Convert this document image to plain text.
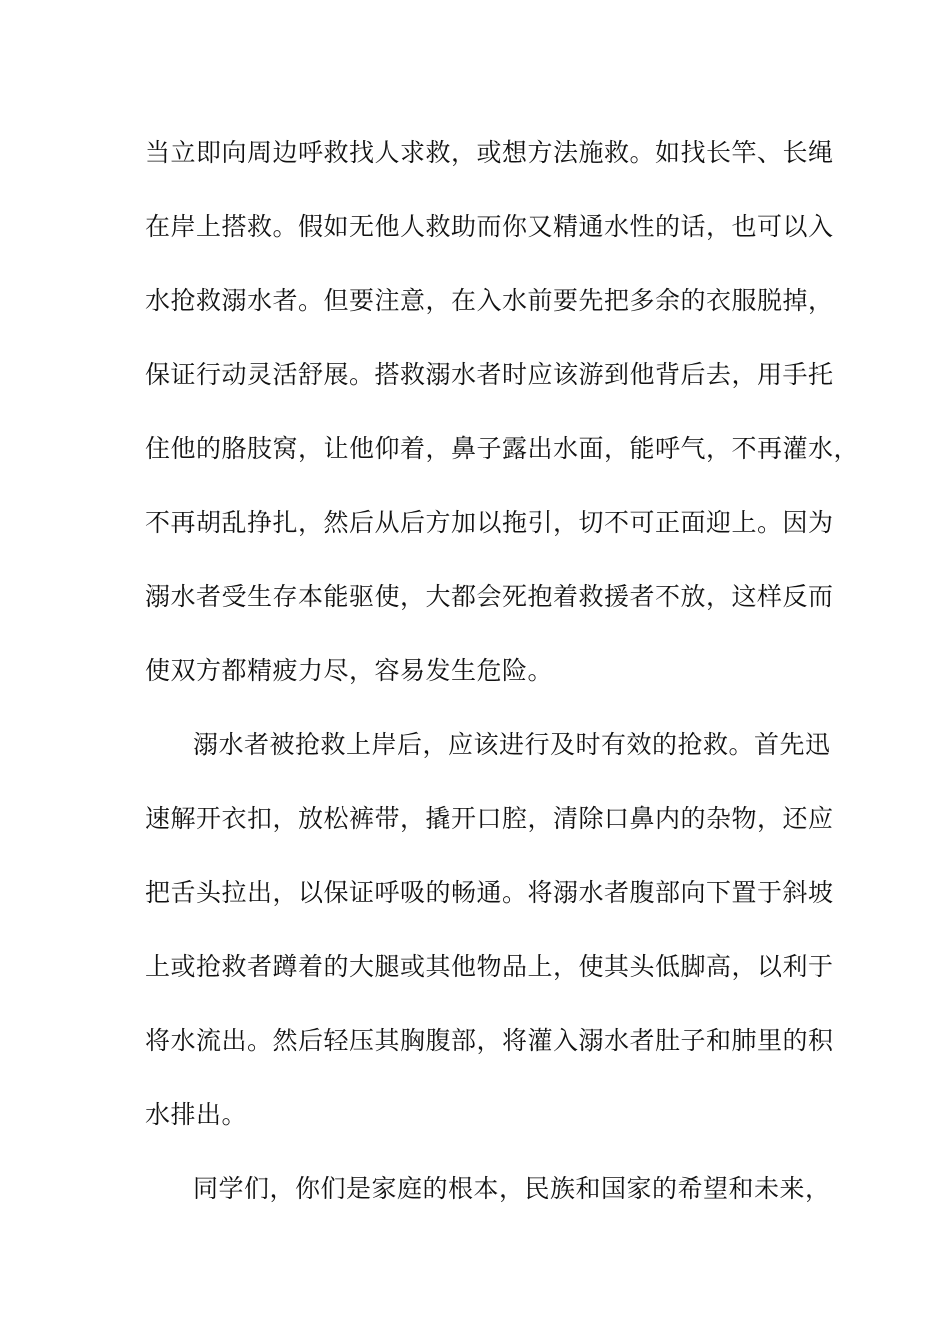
当立即向周边呼救找人求救，或想方法施救。如找长竿、长绳
在岸上搭救。假如无他人救助而你又精通水性的话，也可以入
水抢救溺水者。但要注意，在入水前要先把多余的衣服脱掉，
保证行动灵活舒展。搭救溺水者时应该游到他背后去，用手托
住他的胳肢窝，让他仰着，鼻子露出水面，能呼气，不再灌水，
不再胡乱挣扎，然后从后方加以拖引，切不可正面迎上。因为
溺水者受生存本能驱使，大都会死抱着救援者不放，这样反而
使双方都精疲力尽，容易发生危险。
溺水者被抢救上岸后，应该进行及时有效的抢救。首先迅
速解开衣扣，放松裤带，撬开口腔，清除口鼻内的杂物，还应
把舌头拉出，以保证呼吸的畅通。将溺水者腹部向下置于斜坡
上或抢救者蹲着的大腿或其他物品上，使其头低脚高，以利于
将水流出。然后轻压其胸腹部，将灌入溺水者肚子和肺里的积
水排出。
同学们，你们是家庭的根本，民族和国家的希望和未来，
